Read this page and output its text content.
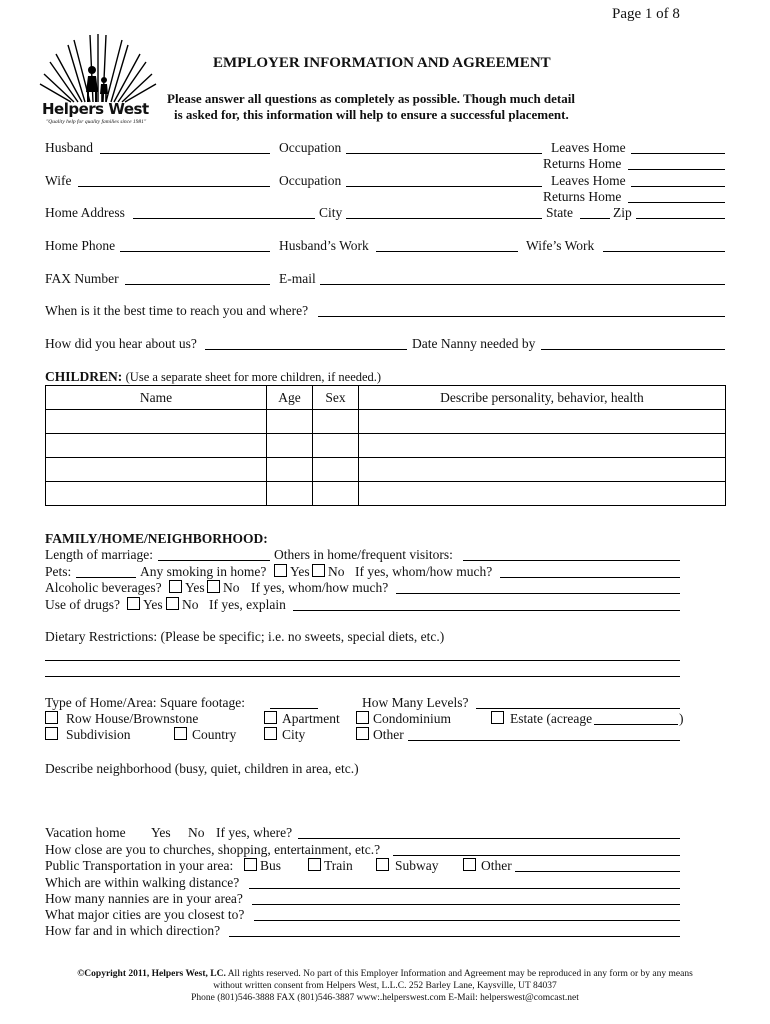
Page 1 of 8
Helpers West
"Quality help for quality families since 1981"
EMPLOYER INFORMATION AND AGREEMENT
Please answer all questions as completely as possible. Though much detail
is asked for, this information will help to ensure a successful placement.
Husband	Occupation	Leaves Home
Returns Home
Wife	Occupation	Leaves Home
Returns Home
Home Address	City	State	Zip
Home Phone	Husband’s Work	Wife’s Work
FAX Number	E-mail
When is it the best time to reach you and where?
How did you hear about us?	Date Nanny needed by
CHILDREN: (Use a separate sheet for more children, if needed.)
Name	Age	Sex	Describe personality, behavior, health

FAMILY/HOME/NEIGHBORHOOD:
Length of marriage:	Others in home/frequent visitors:
Pets:	Any smoking in home?	Yes	No If yes, whom/how much?
Alcoholic beverages?	Yes	No If yes, whom/how much?
Use of drugs?	Yes	No If yes, explain
Dietary Restrictions: (Please be specific; i.e. no sweets, special diets, etc.)
Type of Home/Area: Square footage:	How Many Levels?
Row House/Brownstone	Apartment	Condominium	Estate (acreage	)
Subdivision	Country	City	Other
Describe neighborhood (busy, quiet, children in area, etc.)
Vacation home Yes No If yes, where?
How close are you to churches, shopping, entertainment, etc.?
Public Transportation in your area:	Bus	Train	Subway	Other
Which are within walking distance?
How many nannies are in your area?
What major cities are you closest to?
How far and in which direction?
©Copyright 2011, Helpers West, LC. All rights reserved. No part of this Employer Information and Agreement may be reproduced in any form or by any means
without written consent from Helpers West, L.L.C. 252 Barley Lane, Kaysville, UT 84037
Phone (801)546-3888 FAX (801)546-3887 www:.helperswest.com E-Mail: helperswest@comcast.net
